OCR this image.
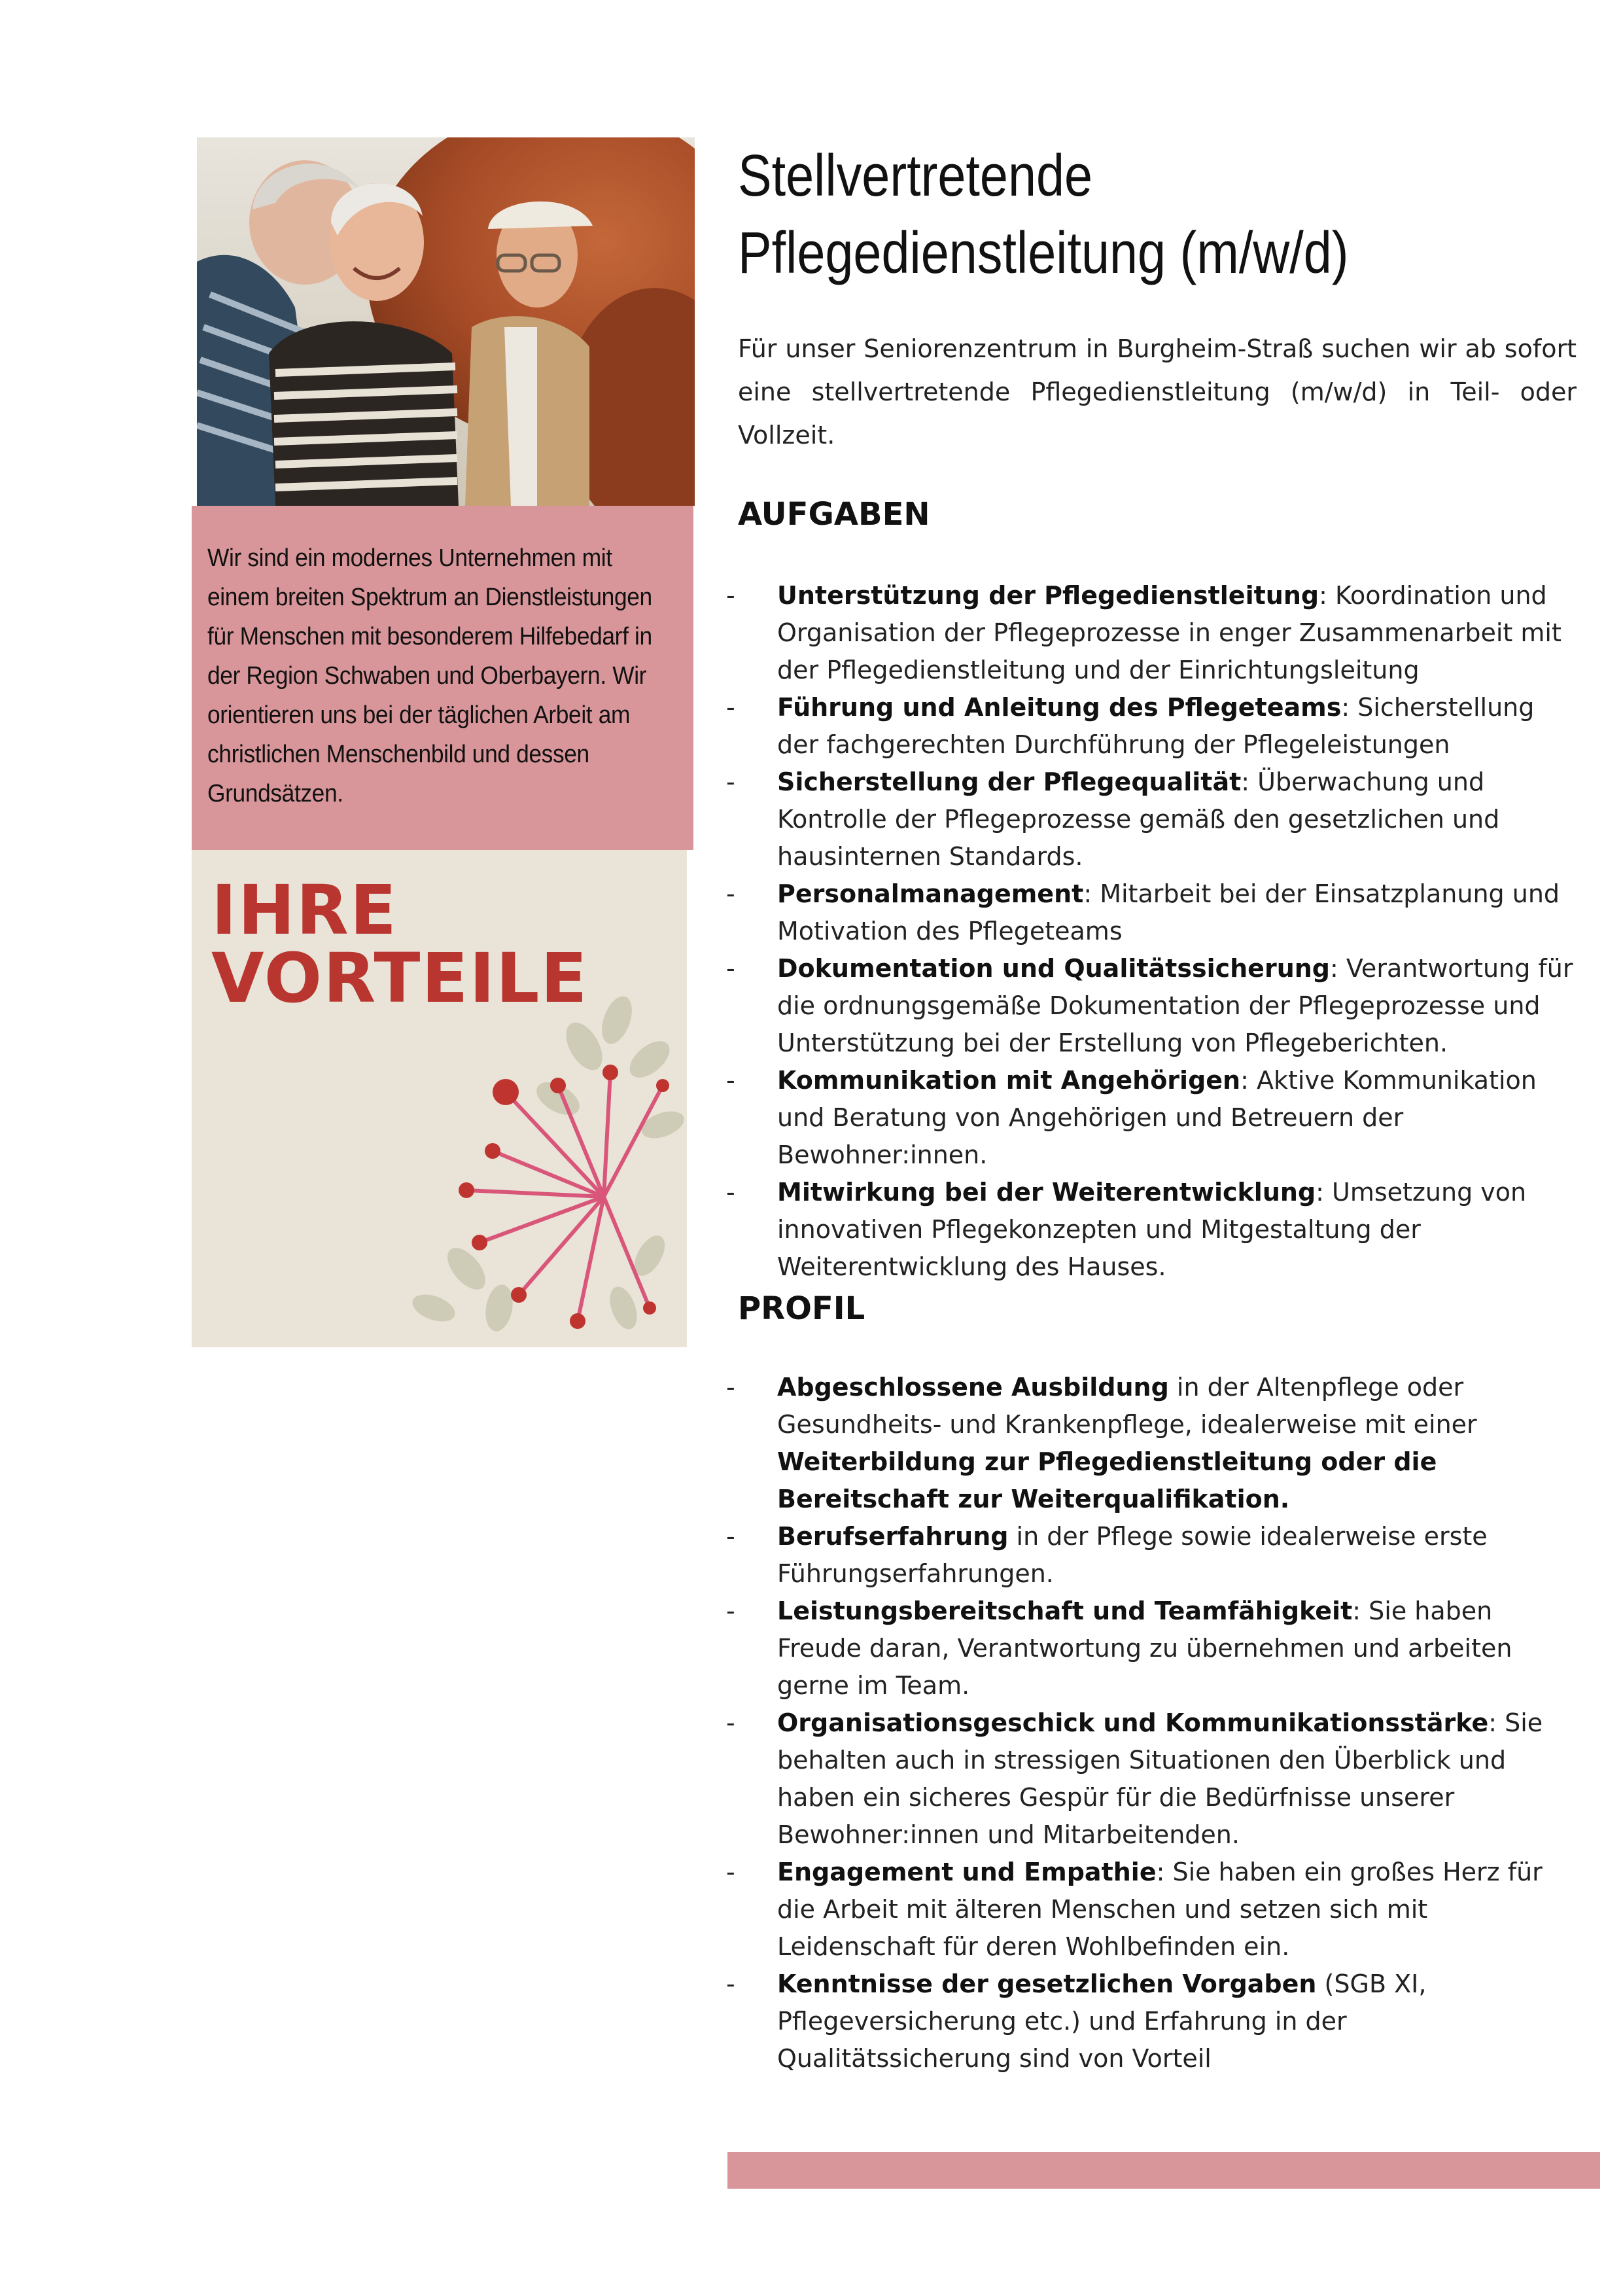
Wir sind ein modernes Unternehmen mit einem breiten Spektrum an Dienstleistungen für Menschen mit besonderem Hilfebedarf in der Region Schwaben und Oberbayern. Wir orientieren uns bei der täglichen Arbeit am christlichen Menschenbild und dessen Grundsätzen.

IHRE
VORTEILE
Stellvertretende
Pflegedienstleitung (m/w/d)

Für unser Seniorenzentrum in Burgheim-Straß suchen wir ab sofort eine stellvertretende Pflegedienstleitung (m/w/d) in Teil- oder Vollzeit.

AUFGABEN
- Unterstützung der Pflegedienstleitung: Koordination und Organisation der Pflegeprozesse in enger Zusammenarbeit mit der Pflegedienstleitung und der Einrichtungsleitung
- Führung und Anleitung des Pflegeteams: Sicherstellung der fachgerechten Durchführung der Pflegeleistungen
- Sicherstellung der Pflegequalität: Überwachung und Kontrolle der Pflegeprozesse gemäß den gesetzlichen und hausinternen Standards.
- Personalmanagement: Mitarbeit bei der Einsatzplanung und Motivation des Pflegeteams
- Dokumentation und Qualitätssicherung: Verantwortung für die ordnungsgemäße Dokumentation der Pflegeprozesse und Unterstützung bei der Erstellung von Pflegeberichten.
- Kommunikation mit Angehörigen: Aktive Kommunikation und Beratung von Angehörigen und Betreuern der Bewohner:innen.
- Mitwirkung bei der Weiterentwicklung: Umsetzung von innovativen Pflegekonzepten und Mitgestaltung der Weiterentwicklung des Hauses.
PROFIL
- Abgeschlossene Ausbildung in der Altenpflege oder Gesundheits- und Krankenpflege, idealerweise mit einer Weiterbildung zur Pflegedienstleitung oder die Bereitschaft zur Weiterqualifikation.
- Berufserfahrung in der Pflege sowie idealerweise erste Führungserfahrungen.
- Leistungsbereitschaft und Teamfähigkeit: Sie haben Freude daran, Verantwortung zu übernehmen und arbeiten gerne im Team.
- Organisationsgeschick und Kommunikationsstärke: Sie behalten auch in stressigen Situationen den Überblick und haben ein sicheres Gespür für die Bedürfnisse unserer Bewohner:innen und Mitarbeitenden.
- Engagement und Empathie: Sie haben ein großes Herz für die Arbeit mit älteren Menschen und setzen sich mit Leidenschaft für deren Wohlbefinden ein.
- Kenntnisse der gesetzlichen Vorgaben (SGB XI, Pflegeversicherung etc.) und Erfahrung in der Qualitätssicherung sind von Vorteil
